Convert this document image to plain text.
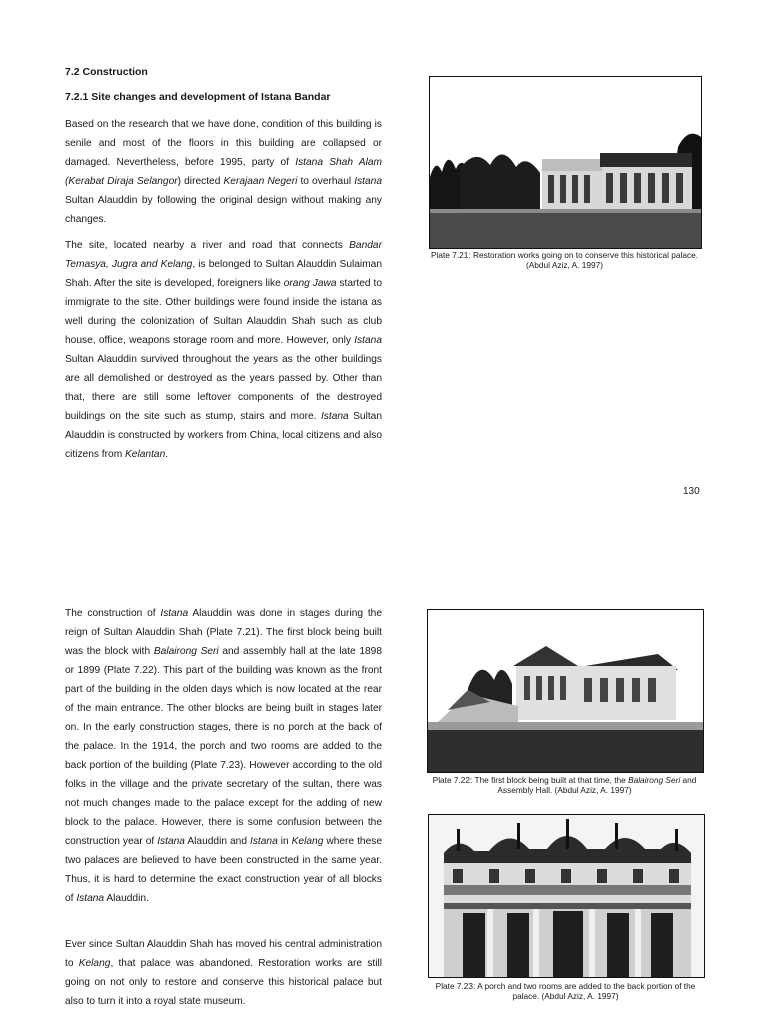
7.2 Construction
7.2.1 Site changes and development of Istana Bandar

Based on the research that we have done, condition of this building is senile and most of the floors in this building are collapsed or damaged. Nevertheless, before 1995, party of Istana Shah Alam (Kerabat Diraja Selangor) directed Kerajaan Negeri to overhaul Istana Sultan Alauddin by following the original design without making any changes.

The site, located nearby a river and road that connects Bandar Temasya, Jugra and Kelang, is belonged to Sultan Alauddin Sulaiman Shah. After the site is developed, foreigners like orang Jawa started to immigrate to the site. Other buildings were found inside the istana as well during the colonization of Sultan Alauddin Shah such as club house, office, weapons storage room and more. However, only Istana Sultan Alauddin survived throughout the years as the other buildings are all demolished or destroyed as the years passed by. Other than that, there are still some leftover components of the destroyed buildings on the site such as stump, stairs and more. Istana Sultan Alauddin is constructed by workers from China, local citizens and also citizens from Kelantan.

Plate 7.21: Restoration works going on to conserve this historical palace. (Abdul Aziz, A. 1997)

130

The construction of Istana Alauddin was done in stages during the reign of Sultan Alauddin Shah (Plate 7.21). The first block being built was the block with Balairong Seri and assembly hall at the late 1898 or 1899 (Plate 7.22). This part of the building was known as the front part of the building in the olden days which is now located at the rear of the main entrance. The other blocks are being built in stages later on. In the early construction stages, there is no porch at the back of the palace. In the 1914, the porch and two rooms are added to the back portion of the building (Plate 7.23). However according to the old folks in the village and the private secretary of the sultan, there was not much changes made to the palace except for the adding of new block to the palace. However, there is some confusion between the construction year of Istana Alauddin and Istana in Kelang where these two palaces are believed to have been constructed in the same year. Thus, it is hard to determine the exact construction year of all blocks of Istana Alauddin.

Ever since Sultan Alauddin Shah has moved his central administration to Kelang, that palace was abandoned. Restoration works are still going on not only to restore and conserve this historical palace but also to turn it into a royal state museum.

Plate 7.22: The first block being built at that time, the Balairong Seri and Assembly Hall. (Abdul Aziz, A. 1997)

Plate 7.23: A porch and two rooms are added to the back portion of the palace. (Abdul Aziz, A. 1997)
